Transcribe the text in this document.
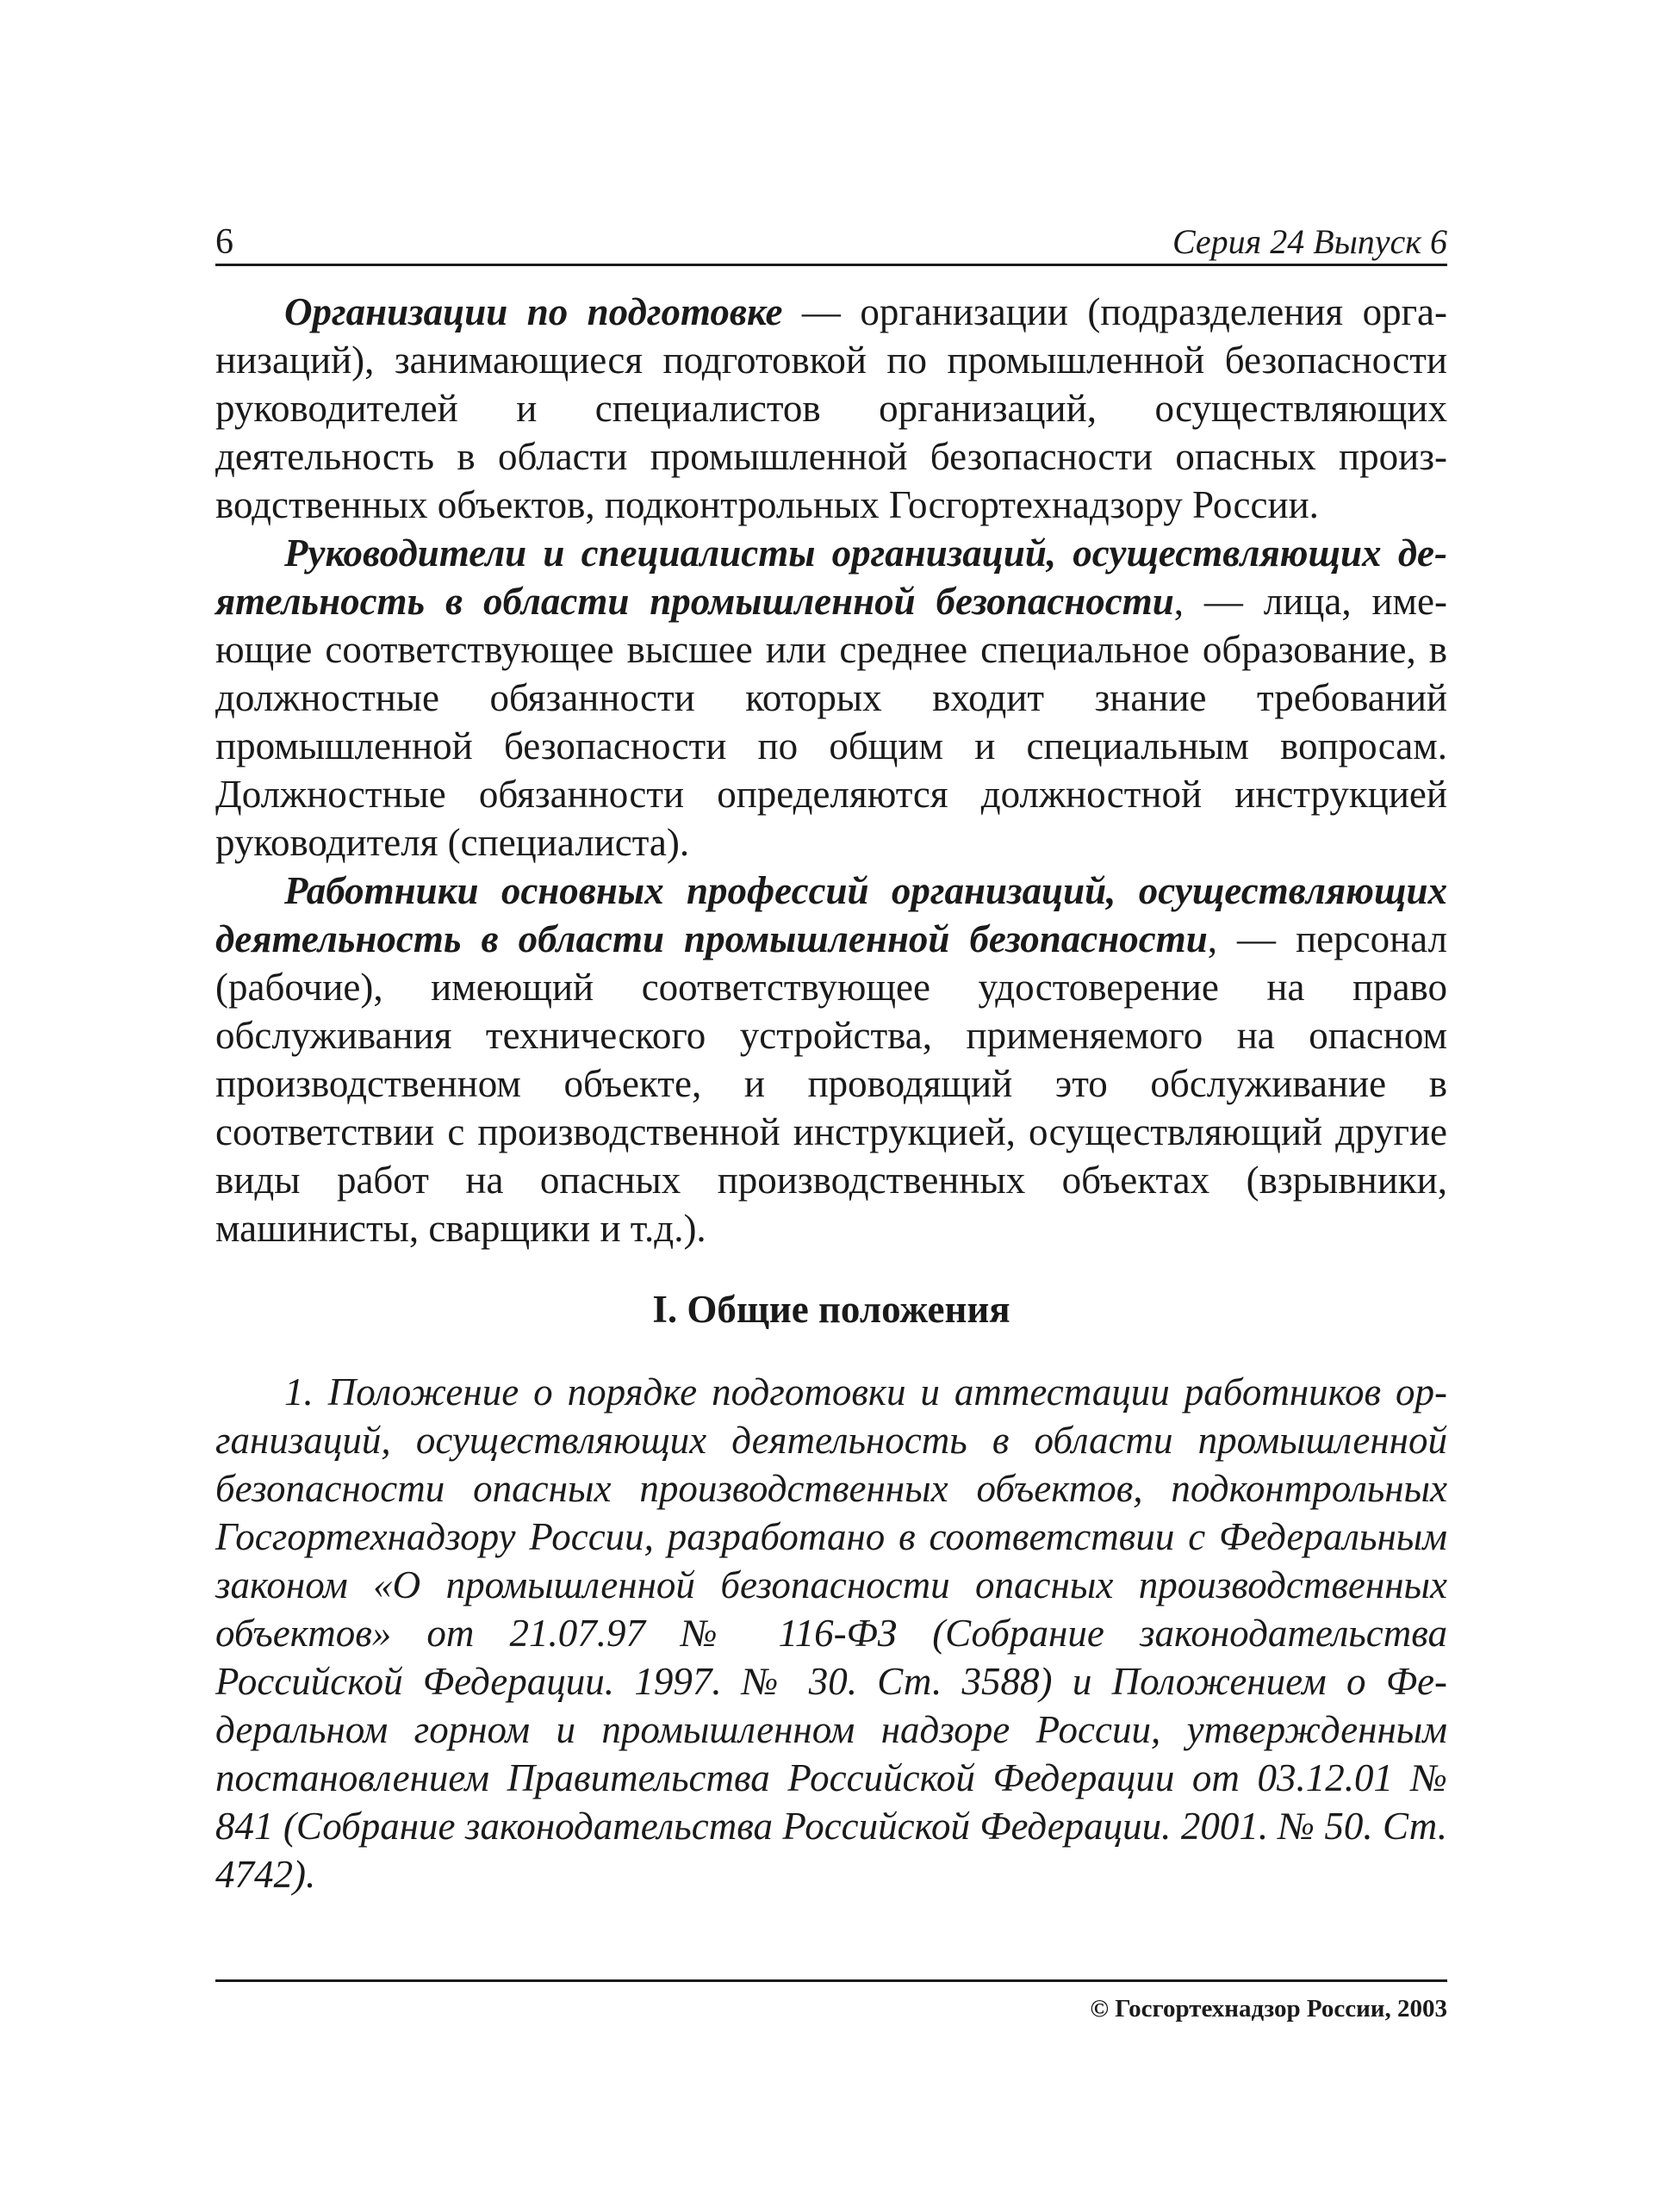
6	Серия 24 Выпуск 6

Организации по подготовке — организации (подразделения организаций), занимающиеся подготовкой по промышленной безопасности руководителей и специалистов организаций, осуществляющих деятельность в области промышленной безопасности опасных производственных объектов, подконтрольных Госгортехнадзору России.

Руководители и специалисты организаций, осуществляющих деятельность в области промышленной безопасности, — лица, имеющие соответствующее высшее или среднее специальное образование, в должностные обязанности которых входит знание требований промышленной безопасности по общим и специальным вопросам. Должностные обязанности определяются должностной инструкцией руководителя (специалиста).

Работники основных профессий организаций, осуществляющих деятельность в области промышленной безопасности, — персонал (рабочие), имеющий соответствующее удостоверение на право обслуживания технического устройства, применяемого на опасном производственном объекте, и проводящий это обслуживание в соответствии с производственной инструкцией, осуществляющий другие виды работ на опасных производственных объектах (взрывники, машинисты, сварщики и т.д.).

I. Общие положения

1. Положение о порядке подготовки и аттестации работников организаций, осуществляющих деятельность в области промышленной безопасности опасных производственных объектов, подконтрольных Госгортехнадзору России, разработано в соответствии с Федеральным законом «О промышленной безопасности опасных производственных объектов» от 21.07.97 № 116-ФЗ (Собрание законодательства Российской Федерации. 1997. № 30. Ст. 3588) и Положением о Федеральном горном и промышленном надзоре России, утвержденным постановлением Правительства Российской Федерации от 03.12.01 № 841 (Собрание законодательства Российской Федерации. 2001. № 50. Ст. 4742).

© Госгортехнадзор России, 2003
